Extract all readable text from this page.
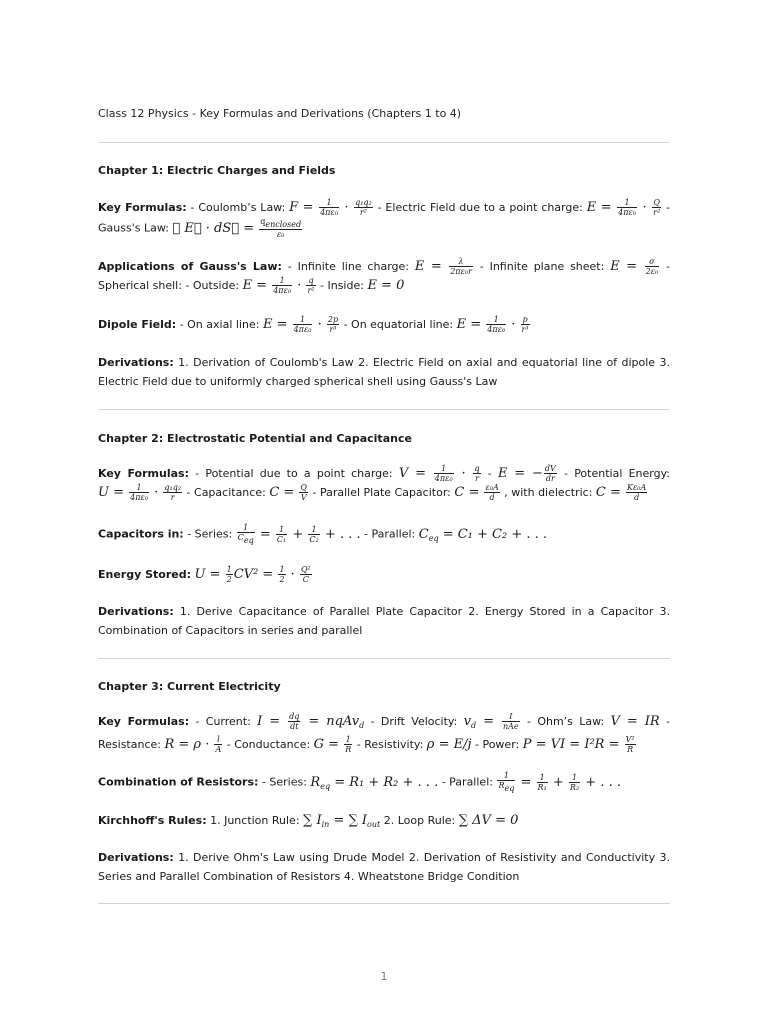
Class 12 Physics - Key Formulas and Derivations (Chapters 1 to 4)
Chapter 1: Electric Charges and Fields
Key Formulas: - Coulomb’s Law: $F = \frac{1}{\text{4πε₀}} \cdot \frac{\text{q₁q₂}}{\text{r²}}$ - Electric Field due to a point charge: $E = \frac{1}{\text{4πε₀}} \cdot \frac{Q}{\text{r²}}$ - Gauss's Law: ∮ E⃗ · dS⃗ = qenclosed
ε₀
Applications of Gauss's Law: - Infinite line charge: $E = \frac{\lambda}{\text{2πε₀r}}$ - Infinite plane sheet: $E = \frac{\sigma}{\text{2ε₀}}$ - Spherical shell: - Outside: $E = \frac{1}{\text{4πε₀}} \cdot \frac{q}{\text{r²}}$ - Inside: E = 0
Dipole Field: - On axial line: $E = \frac{1}{\text{4πε₀}} \cdot \frac{2p}{\text{r³}} - On$ equatorial line: $E = \frac{1}{\text{4πε₀}} \cdot \frac{p}{\text{r³}}$
Derivations: 1. Derivation of Coulomb's Law 2. Electric Field on axial and equatorial line of dipole 3. Electric Field due to uniformly charged spherical shell using Gauss's Law
Chapter 2: Electrostatic Potential and Capacitance
Key Formulas: - Potential due to a point charge: $V = \frac{1}{\text{4πε₀}} \cdot \frac{q}{r} - E$ = − $\frac{dV}{dr}$ - Potential Energy: $U = \frac{1}{\text{4πε₀}} \cdot \frac{\text{q₁q₂}}{r}$ - Capacitance: $C = \frac{Q}{V}$ - Parallel Plate Capacitor: $C = \frac{\text{ε₀A}}{d}$ , with dielectric: $C = \frac{\text{Kε₀A}}{d}$
Capacitors in: - Series: 1
Ceq = $\frac{1}{\text{C₁}} + \frac{1}{\text{C₂}}$ + . . . - Parallel: $C_{eq} = C_1 + C_2$ + . . .
Energy Stored: $U = \frac{1}{2} CV^2 = \frac{1}{2} \cdot \frac{\text{Q²}}{C}$
Derivations: 1. Derive Capacitance of Parallel Plate Capacitor 2. Energy Stored in a Capacitor 3. Combination of Capacitors in series and parallel
Chapter 3: Current Electricity
Key Formulas: - Current: $I = \frac{dq}{dt}$ = nqAv$_d$ - Drift Velocity: $v_d$ =	I
nAe - Ohm’s Law: V = IR - Resistance: $R = \rho \cdot \frac{l}{A}$ - Conductance: $G = \frac{1}{R}$ - Resistivity: ρ = E/j - Power: P = VI = $I^2R = \frac{\text{V²}}{R}$
Combination of Resistors: - Series: $R_{eq} = R_1 + R_2$ + . . . - Parallel: 1
Req = $\frac{1}{\text{R₁}} + \frac{1}{\text{R₂}}$ + . . .
Kirchhoff's Rules: 1. Junction Rule: ∑ $I_{in}$ = ∑ $I_{out}$ 2. Loop Rule: ∑ ΔV = 0
Derivations: 1. Derive Ohm's Law using Drude Model 2. Derivation of Resistivity and Conductivity 3. Series and Parallel Combination of Resistors 4. Wheatstone Bridge Condition
1
